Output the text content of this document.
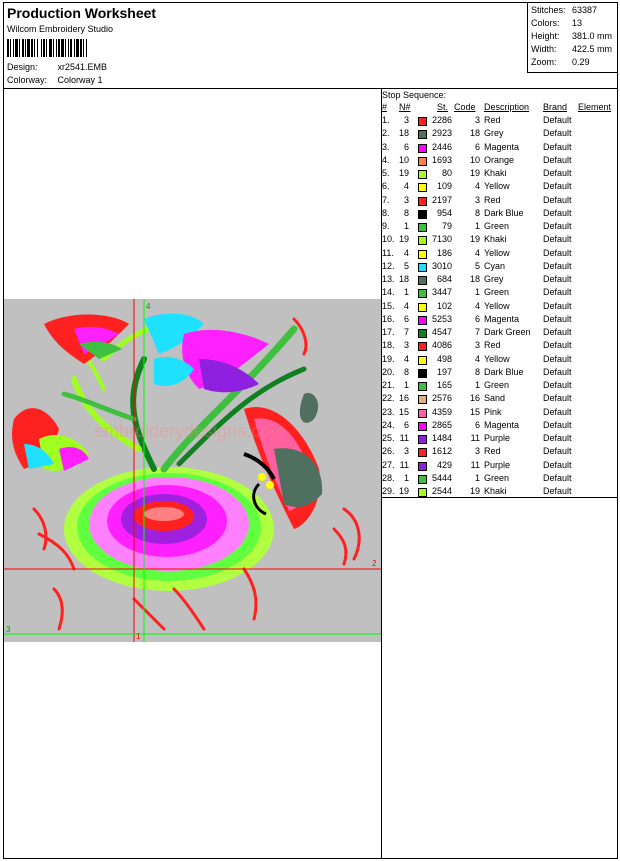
Production Worksheet
Wilcom Embroidery Studio
Design: xr2541.EMB
Colorway: Colorway 1
Stitches: 63387
Colors: 13
Height: 381.0 mm
Width: 422.5 mm
Zoom: 0.29
embroiderydesigns.com
2
3
1
4
Stop Sequence:
# N#	St. Code Description Brand Element
1.	3	2286	3 Red	Default
2. 18	2923	18 Grey	Default
3.	6	2446	6 Magenta	Default
4. 10	1693	10 Orange	Default
5. 19	80	19 Khaki	Default
6.	4	109	4 Yellow	Default
7.	3	2197	3 Red	Default
8.	8	954	8 Dark Blue Default
9.	1	79	1 Green	Default
10. 19	7130	19 Khaki	Default
11.	4	186	4 Yellow	Default
12.	5	3010	5 Cyan	Default
13. 18	684	18 Grey	Default
14.	1	3447	1 Green	Default
15.	4	102	4 Yellow	Default
16.	6	5253	6 Magenta	Default
17.	7	4547	7 Dark Green Default
18.	3	4086	3 Red	Default
19.	4	498	4 Yellow	Default
20.	8	197	8 Dark Blue Default
21.	1	165	1 Green	Default
22. 16	2576	16 Sand	Default
23. 15	4359	15 Pink	Default
24.	6	2865	6 Magenta	Default
25. 11	1484	11 Purple	Default
26.	3	1612	3 Red	Default
27. 11	429	11 Purple	Default
28.	1	5444	1 Green	Default
29. 19	2544	19 Khaki	Default
